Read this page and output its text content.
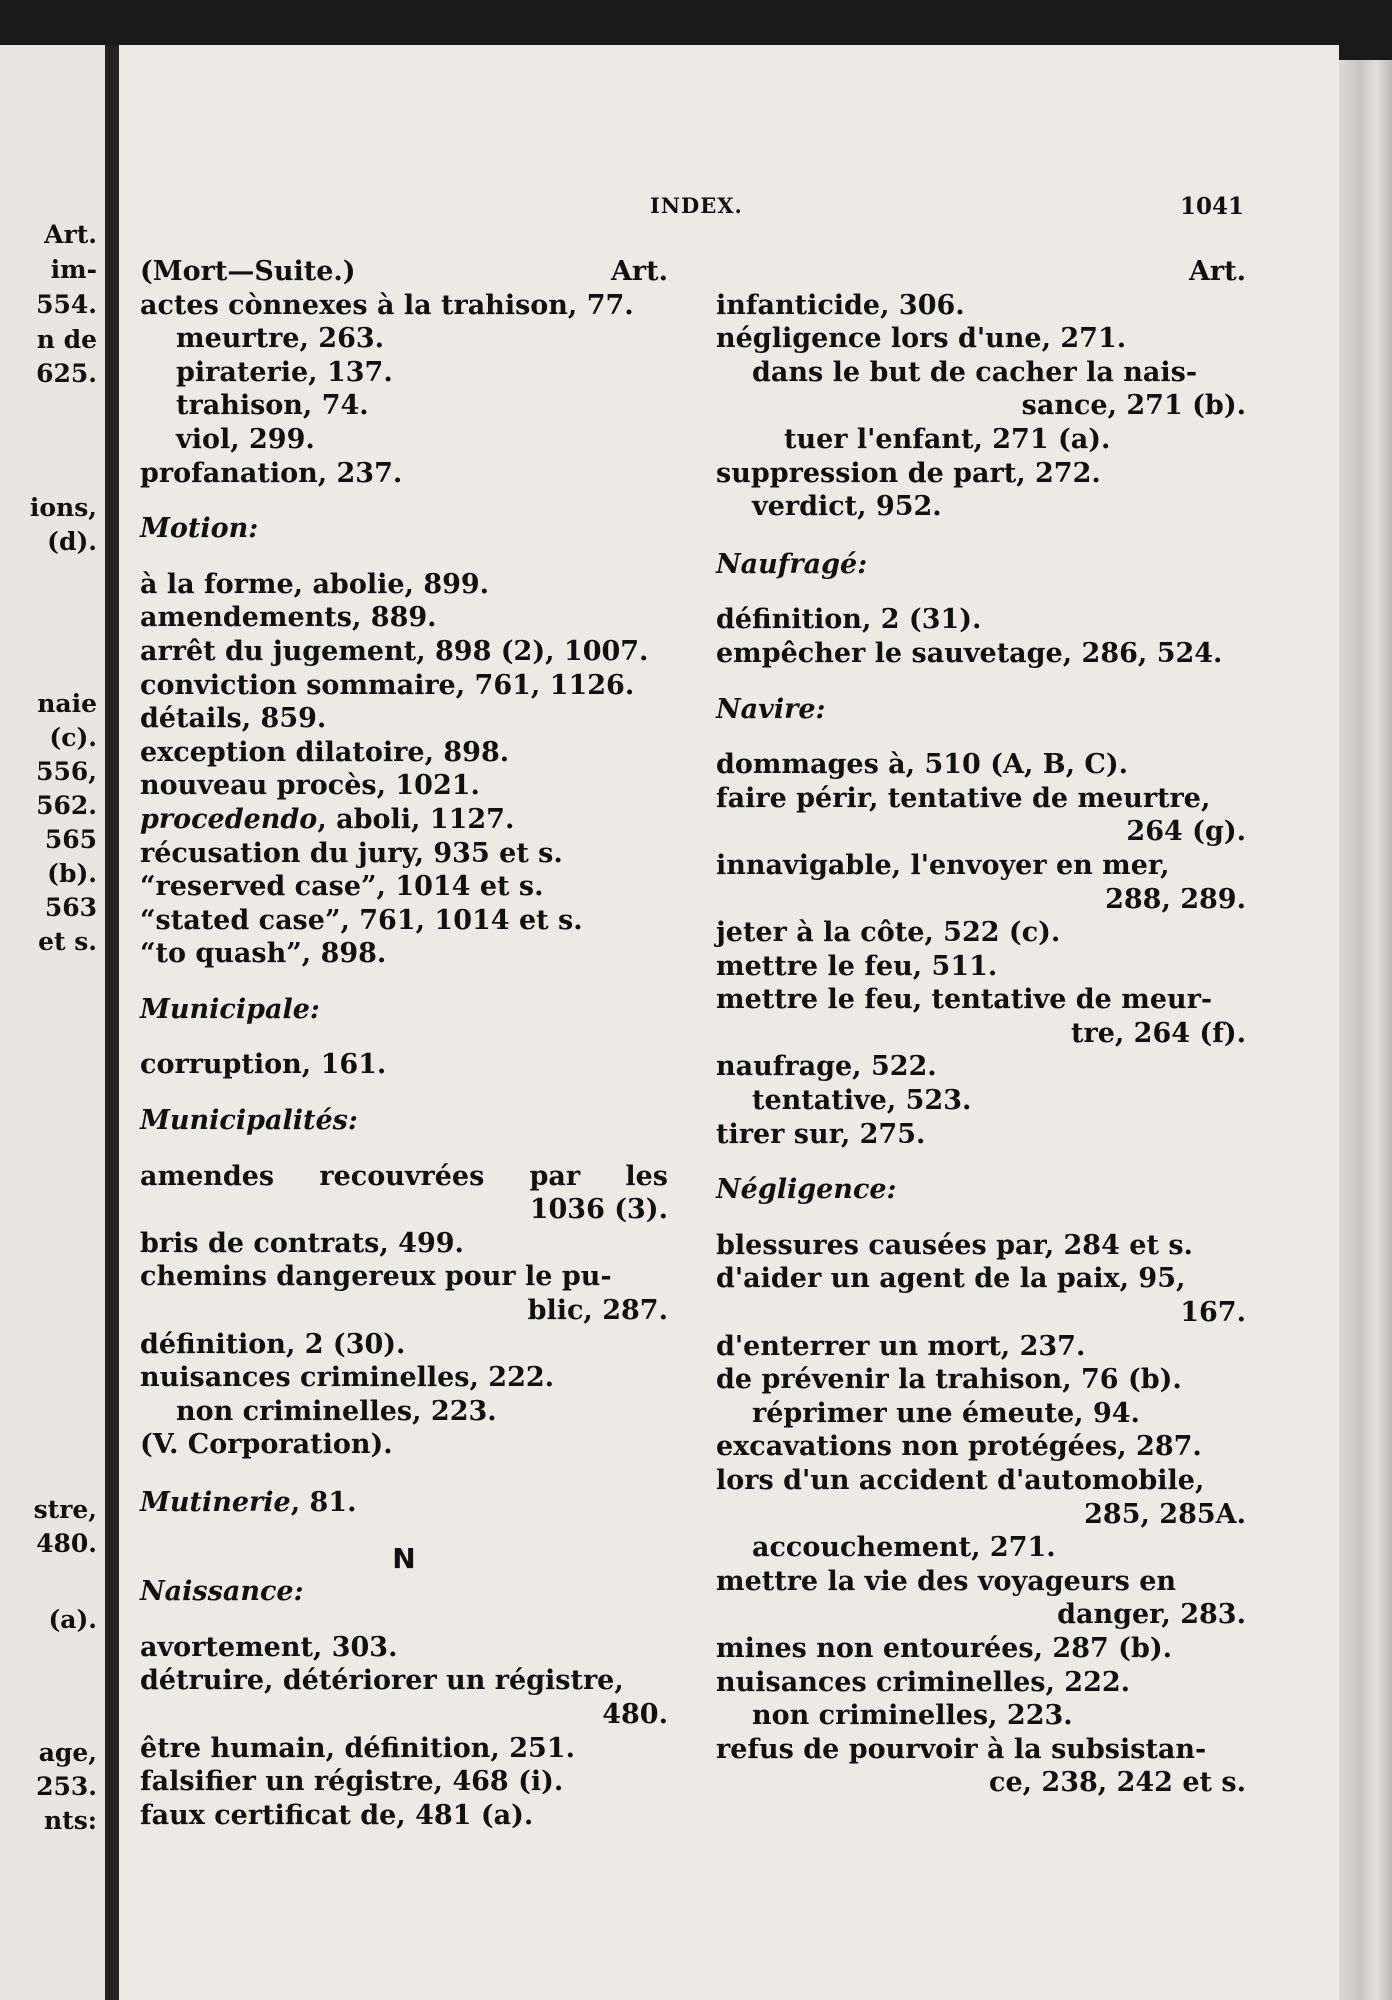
Art.
im-
554.
n de
625.
ions,
(d).
naie
(c).
556,
562.
565
(b).
563
et s.
stre,
480.
(a).
age,
253.
nts:
INDEX.	1041
(Mort—Suite.)	Art.
actes cònnexes à la trahison, 77.
meurtre, 263.
piraterie, 137.
trahison, 74.
viol, 299.
profanation, 237.
Motion:
à la forme, abolie, 899.
amendements, 889.
arrêt du jugement, 898 (2), 1007.
conviction sommaire, 761, 1126.
détails, 859.
exception dilatoire, 898.
nouveau procès, 1021.
procedendo, aboli, 1127.
récusation du jury, 935 et s.
“reserved case”, 1014 et s.
“stated case”, 761, 1014 et s.
“to quash”, 898.
Municipale:
corruption, 161.
Municipalités:
amendes recouvrées par les
1036 (3).
bris de contrats, 499.
chemins dangereux pour le pu-
blic, 287.
définition, 2 (30).
nuisances criminelles, 222.
non criminelles, 223.
(V. Corporation).
Mutinerie, 81.
N
Naissance:
avortement, 303.
détruire, détériorer un régistre,
480.
être humain, définition, 251.
falsifier un régistre, 468 (i).
faux certificat de, 481 (a).
Art.
infanticide, 306.
négligence lors d'une, 271.
dans le but de cacher la nais-
sance, 271 (b).
tuer l'enfant, 271 (a).
suppression de part, 272.
verdict, 952.
Naufragé:
définition, 2 (31).
empêcher le sauvetage, 286, 524.
Navire:
dommages à, 510 (A, B, C).
faire périr, tentative de meurtre,
264 (g).
innavigable, l'envoyer en mer,
288, 289.
jeter à la côte, 522 (c).
mettre le feu, 511.
mettre le feu, tentative de meur-
tre, 264 (f).
naufrage, 522.
tentative, 523.
tirer sur, 275.
Négligence:
blessures causées par, 284 et s.
d'aider un agent de la paix, 95,
167.
d'enterrer un mort, 237.
de prévenir la trahison, 76 (b).
réprimer une émeute, 94.
excavations non protégées, 287.
lors d'un accident d'automobile,
285, 285A.
accouchement, 271.
mettre la vie des voyageurs en
danger, 283.
mines non entourées, 287 (b).
nuisances criminelles, 222.
non criminelles, 223.
refus de pourvoir à la subsistan-
ce, 238, 242 et s.
